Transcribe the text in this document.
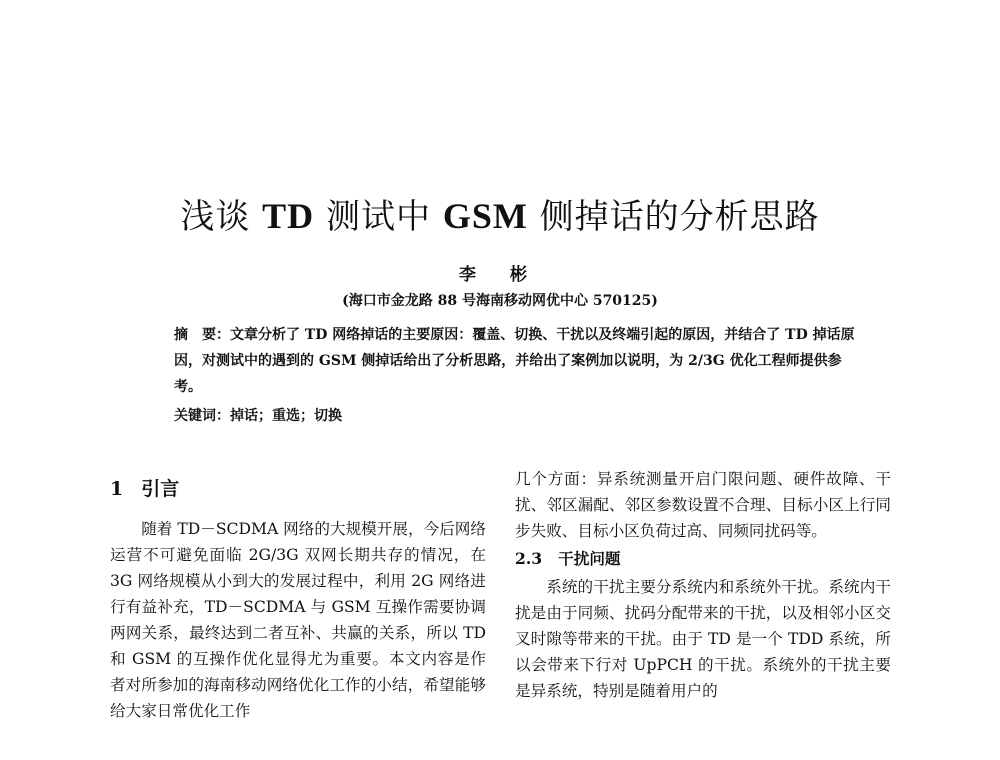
浅谈 TD 测试中 GSM 侧掉话的分析思路
李 彬
(海口市金龙路 88 号海南移动网优中心 570125)

摘　要：文章分析了 TD 网络掉话的主要原因：覆盖、切换、干扰以及终端引起的原因，并结合了 TD 掉话原因，对测试中的遇到的 GSM 侧掉话给出了分析思路，并给出了案例加以说明，为 2/3G 优化工程师提供参考。

关键词：掉话；重选；切换

1 引言

随着 TD－SCDMA 网络的大规模开展，今后网络运营不可避免面临 2G/3G 双网长期共存的情况，在 3G 网络规模从小到大的发展过程中，利用 2G 网络进行有益补充，TD－SCDMA 与 GSM 互操作需要协调两网关系，最终达到二者互补、共赢的关系，所以 TD 和 GSM 的互操作优化显得尤为重要。本文内容是作者对所参加的海南移动网络优化工作的小结，希望能够给大家日常优化工作

几个方面：异系统测量开启门限问题、硬件故障、干扰、邻区漏配、邻区参数设置不合理、目标小区上行同步失败、目标小区负荷过高、同频同扰码等。

2.3 干扰问题

系统的干扰主要分系统内和系统外干扰。系统内干扰是由于同频、扰码分配带来的干扰，以及相邻小区交叉时隙等带来的干扰。由于 TD 是一个 TDD 系统，所以会带来下行对 UpPCH 的干扰。系统外的干扰主要是异系统，特别是随着用户的
